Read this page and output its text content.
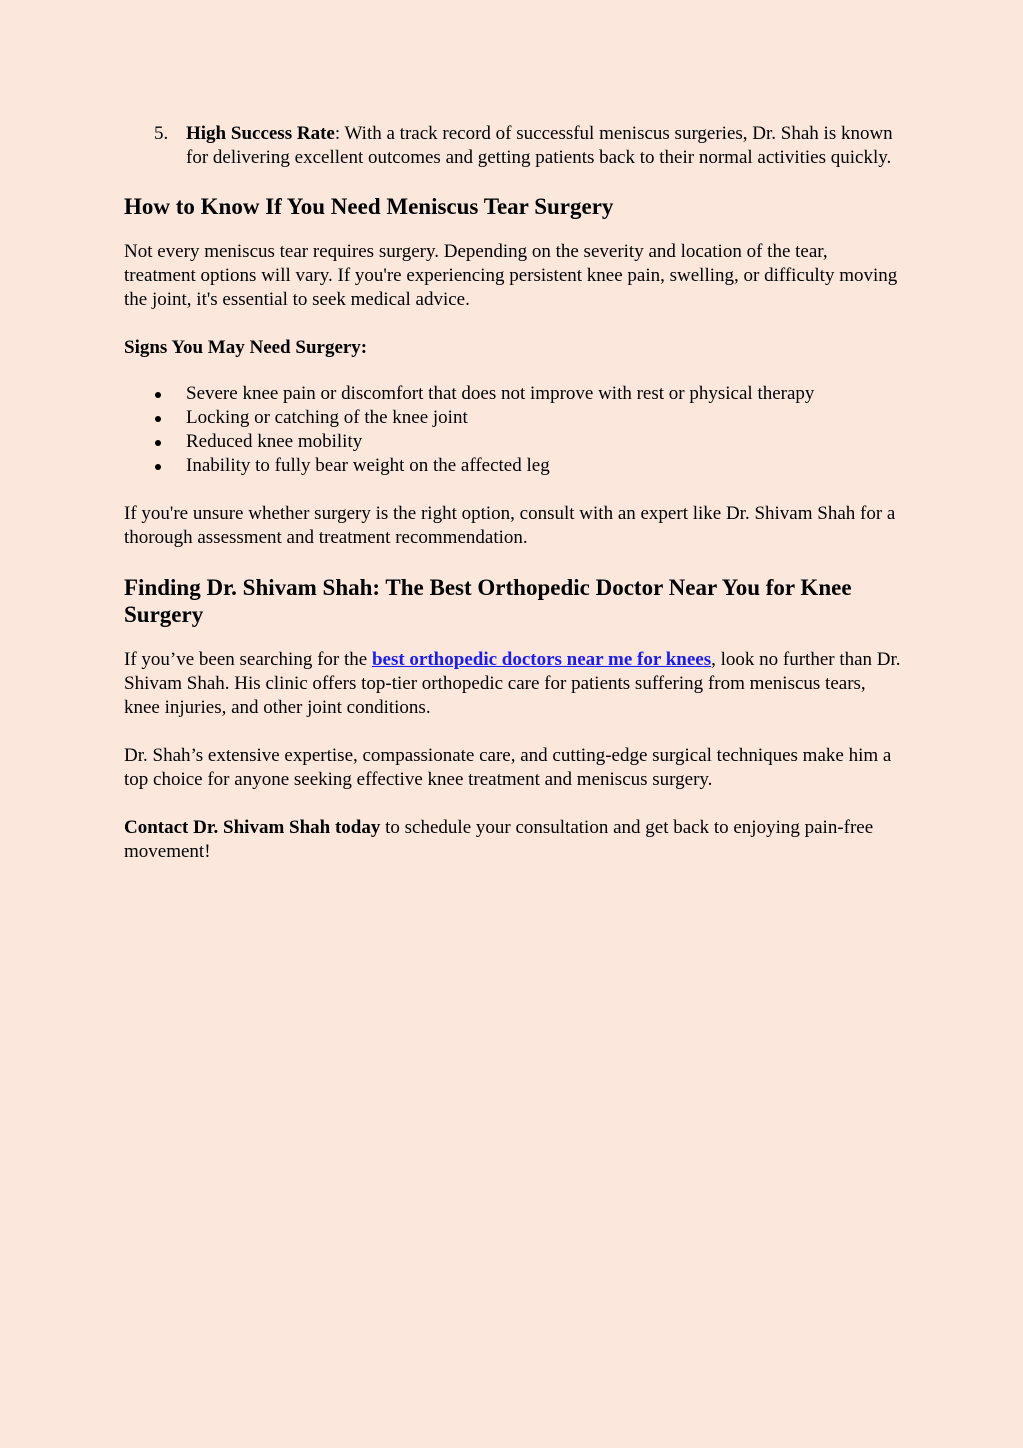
5. High Success Rate: With a track record of successful meniscus surgeries, Dr. Shah is known for delivering excellent outcomes and getting patients back to their normal activities quickly.

How to Know If You Need Meniscus Tear Surgery

Not every meniscus tear requires surgery. Depending on the severity and location of the tear, treatment options will vary. If you're experiencing persistent knee pain, swelling, or difficulty moving the joint, it's essential to seek medical advice.

Signs You May Need Surgery:

Severe knee pain or discomfort that does not improve with rest or physical therapy
Locking or catching of the knee joint
Reduced knee mobility
Inability to fully bear weight on the affected leg

If you're unsure whether surgery is the right option, consult with an expert like Dr. Shivam Shah for a thorough assessment and treatment recommendation.

Finding Dr. Shivam Shah: The Best Orthopedic Doctor Near You for Knee Surgery

If you’ve been searching for the best orthopedic doctors near me for knees, look no further than Dr. Shivam Shah. His clinic offers top-tier orthopedic care for patients suffering from meniscus tears, knee injuries, and other joint conditions.

Dr. Shah’s extensive expertise, compassionate care, and cutting-edge surgical techniques make him a top choice for anyone seeking effective knee treatment and meniscus surgery.

Contact Dr. Shivam Shah today to schedule your consultation and get back to enjoying pain-free movement!
